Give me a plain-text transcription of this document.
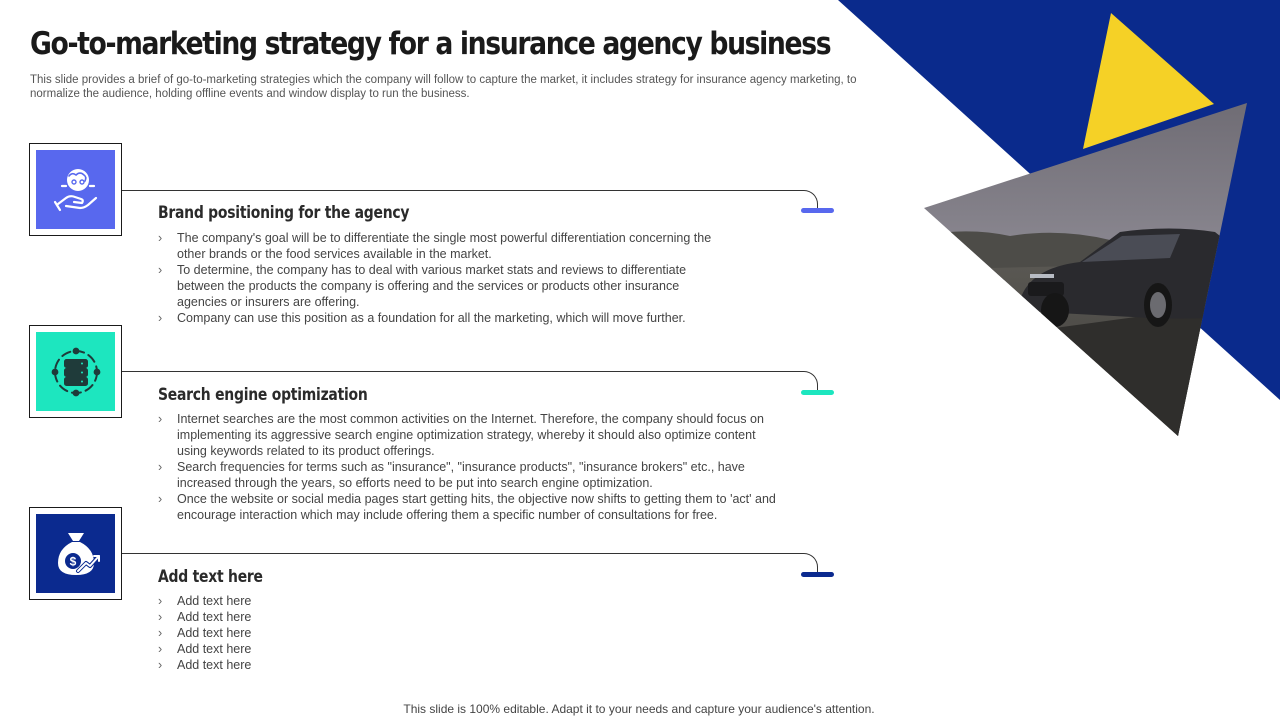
Go-to-marketing strategy for a insurance agency business

This slide provides a brief of go-to-marketing strategies which the company will follow to capture the market, it includes strategy for insurance agency marketing, to normalize the audience, holding offline events and window display to run the business.

Brand positioning for the agency
› The company's goal will be to differentiate the single most powerful differentiation concerning the other brands or the food services available in the market.
› To determine, the company has to deal with various market stats and reviews to differentiate between the products the company is offering and the services or products other insurance agencies or insurers are offering.
› Company can use this position as a foundation for all the marketing, which will move further.
Search engine optimization
› Internet searches are the most common activities on the Internet. Therefore, the company should focus on implementing its aggressive search engine optimization strategy, whereby it should also optimize content using keywords related to its product offerings.
› Search frequencies for terms such as "insurance", "insurance products", "insurance brokers" etc., have increased through the years, so efforts need to be put into search engine optimization.
› Once the website or social media pages start getting hits, the objective now shifts to getting them to 'act' and encourage interaction which may include offering them a specific number of consultations for free.
$
Add text here
› Add text here
› Add text here
› Add text here
› Add text here
› Add text here

This slide is 100% editable. Adapt it to your needs and capture your audience's attention.
